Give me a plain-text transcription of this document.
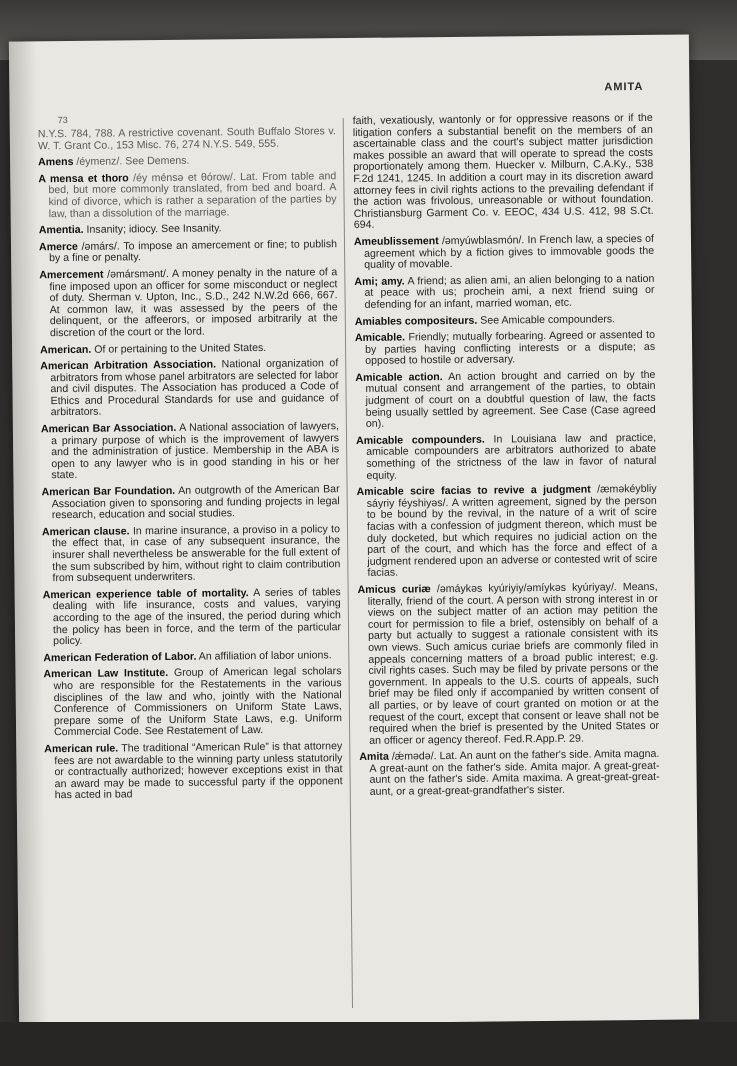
AMITA
73

N.Y.S. 784, 788. A restrictive covenant. South Buffalo Stores v. W. T. Grant Co., 153 Misc. 76, 274 N.Y.S. 549, 555.

Amens /éymenz/. See Demens.

A mensa et thoro /éy ménsə et θórow/. Lat. From table and bed, but more commonly translated, from bed and board. A kind of divorce, which is rather a separation of the parties by law, than a dissolution of the marriage.

Amentia. Insanity; idiocy. See Insanity.

Amerce /əmárs/. To impose an amercement or fine; to publish by a fine or penalty.

Amercement /əmársmənt/. A money penalty in the nature of a fine imposed upon an officer for some misconduct or neglect of duty. Sherman v. Upton, Inc., S.D., 242 N.W.2d 666, 667. At common law, it was assessed by the peers of the delinquent, or the affeerors, or imposed arbitrarily at the discretion of the court or the lord.

American. Of or pertaining to the United States.

American Arbitration Association. National organization of arbitrators from whose panel arbitrators are selected for labor and civil disputes. The Association has produced a Code of Ethics and Procedural Standards for use and guidance of arbitrators.

American Bar Association. A National association of lawyers, a primary purpose of which is the improvement of lawyers and the administration of justice. Membership in the ABA is open to any lawyer who is in good standing in his or her state.

American Bar Foundation. An outgrowth of the American Bar Association given to sponsoring and funding projects in legal research, education and social studies.

American clause. In marine insurance, a proviso in a policy to the effect that, in case of any subsequent insurance, the insurer shall nevertheless be answerable for the full extent of the sum subscribed by him, without right to claim contribution from subsequent underwriters.

American experience table of mortality. A series of tables dealing with life insurance, costs and values, varying according to the age of the insured, the period during which the policy has been in force, and the term of the particular policy.

American Federation of Labor. An affiliation of labor unions.

American Law Institute. Group of American legal scholars who are responsible for the Restatements in the various disciplines of the law and who, jointly with the National Conference of Commissioners on Uniform State Laws, prepare some of the Uniform State Laws, e.g. Uniform Commercial Code. See Restatement of Law.

American rule. The traditional “American Rule” is that attorney fees are not awardable to the winning party unless statutorily or contractually authorized; however exceptions exist in that an award may be made to successful party if the opponent has acted in bad

faith, vexatiously, wantonly or for oppressive reasons or if the litigation confers a substantial benefit on the members of an ascertainable class and the court's subject matter jurisdiction makes possible an award that will operate to spread the costs proportionately among them. Huecker v. Milburn, C.A.Ky., 538 F.2d 1241, 1245. In addition a court may in its discretion award attorney fees in civil rights actions to the prevailing defendant if the action was frivolous, unreasonable or without foundation. Christiansburg Garment Co. v. EEOC, 434 U.S. 412, 98 S.Ct. 694.

Ameublissement /əmyúwblasmón/. In French law, a species of agreement which by a fiction gives to immovable goods the quality of movable.

Ami; amy. A friend; as alien ami, an alien belonging to a nation at peace with us; prochein ami, a next friend suing or defending for an infant, married woman, etc.

Amiables compositeurs. See Amicable compounders.

Amicable. Friendly; mutually forbearing. Agreed or assented to by parties having conflicting interests or a dispute; as opposed to hostile or adversary.

Amicable action. An action brought and carried on by the mutual consent and arrangement of the parties, to obtain judgment of court on a doubtful question of law, the facts being usually settled by agreement. See Case (Case agreed on).

Amicable compounders. In Louisiana law and practice, amicable compounders are arbitrators authorized to abate something of the strictness of the law in favor of natural equity.

Amicable scire facias to revive a judgment /æməkéybliy sáyriy féyshiyəs/. A written agreement, signed by the person to be bound by the revival, in the nature of a writ of scire facias with a confession of judgment thereon, which must be duly docketed, but which requires no judicial action on the part of the court, and which has the force and effect of a judgment rendered upon an adverse or contested writ of scire facias.

Amicus curiæ /əmáykəs kyúriyiy/əmíykəs kyúriyay/. Means, literally, friend of the court. A person with strong interest in or views on the subject matter of an action may petition the court for permission to file a brief, ostensibly on behalf of a party but actually to suggest a rationale consistent with its own views. Such amicus curiae briefs are commonly filed in appeals concerning matters of a broad public interest; e.g. civil rights cases. Such may be filed by private persons or the government. In appeals to the U.S. courts of appeals, such brief may be filed only if accompanied by written consent of all parties, or by leave of court granted on motion or at the request of the court, except that consent or leave shall not be required when the brief is presented by the United States or an officer or agency thereof. Fed.R.App.P. 29.

Amita /ǽmədə/. Lat. An aunt on the father's side. Amita magna. A great-aunt on the father's side. Amita major. A great-great-aunt on the father's side. Amita maxima. A great-great-great-aunt, or a great-great-grandfather's sister.
